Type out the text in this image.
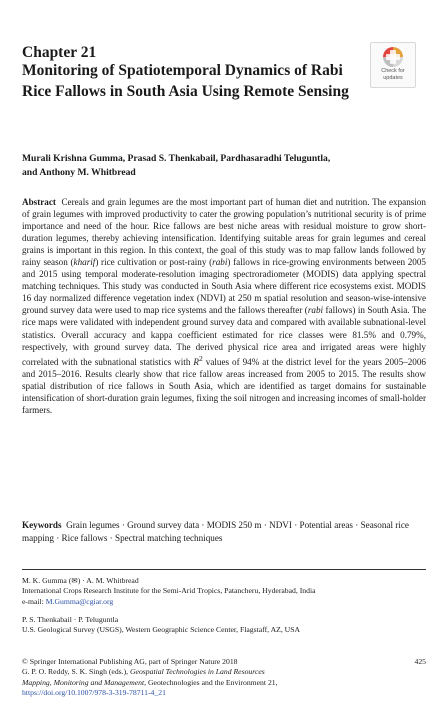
Chapter 21
Monitoring of Spatiotemporal Dynamics of Rabi Rice Fallows in South Asia Using Remote Sensing
Check for
updates
Murali Krishna Gumma, Prasad S. Thenkabail, Pardhasaradhi Teluguntla,
and Anthony M. Whitbread
Abstract Cereals and grain legumes are the most important part of human diet and nutrition. The expansion of grain legumes with improved productivity to cater the growing population’s nutritional security is of prime importance and need of the hour. Rice fallows are best niche areas with residual moisture to grow short-duration legumes, thereby achieving intensification. Identifying suitable areas for grain legumes and cereal grains is important in this region. In this context, the goal of this study was to map fallow lands followed by rainy season (kharif) rice cultivation or post-rainy (rabi) fallows in rice-growing environments between 2005 and 2015 using temporal moderate-resolution imaging spectroradiometer (MODIS) data applying spectral matching techniques. This study was conducted in South Asia where different rice ecosystems exist. MODIS 16 day normalized difference vegetation index (NDVI) at 250 m spatial resolution and season-wise-intensive ground survey data were used to map rice systems and the fallows thereafter (rabi fallows) in South Asia. The rice maps were validated with independent ground survey data and compared with available subnational-level statistics. Overall accuracy and kappa coefficient estimated for rice classes were 81.5% and 0.79%, respectively, with ground survey data. The derived physical rice area and irrigated areas were highly correlated with the subnational statistics with $R^2$ values of 94% at the district level for the years 2005–2006 and 2015–2016. Results clearly show that rice fallow areas increased from 2005 to 2015. The results show spatial distribution of rice fallows in South Asia, which are identified as target domains for sustainable intensification of short-duration grain legumes, fixing the soil nitrogen and increasing incomes of small-holder farmers.
Keywords Grain legumes · Ground survey data · MODIS 250 m · NDVI · Potential areas · Seasonal rice mapping · Rice fallows · Spectral matching techniques
M. K. Gumma (✉) · A. M. Whitbread
International Crops Research Institute for the Semi-Arid Tropics, Patancheru, Hyderabad, India
e-mail: M.Gumma@cgiar.org
P. S. Thenkabail · P. Teluguntla
U.S. Geological Survey (USGS), Western Geographic Science Center, Flagstaff, AZ, USA
425
© Springer International Publishing AG, part of Springer Nature 2018
G. P. O. Reddy, S. K. Singh (eds.), Geospatial Technologies in Land Resources
Mapping, Monitoring and Management, Geotechnologies and the Environment 21,
https://doi.org/10.1007/978-3-319-78711-4_21
